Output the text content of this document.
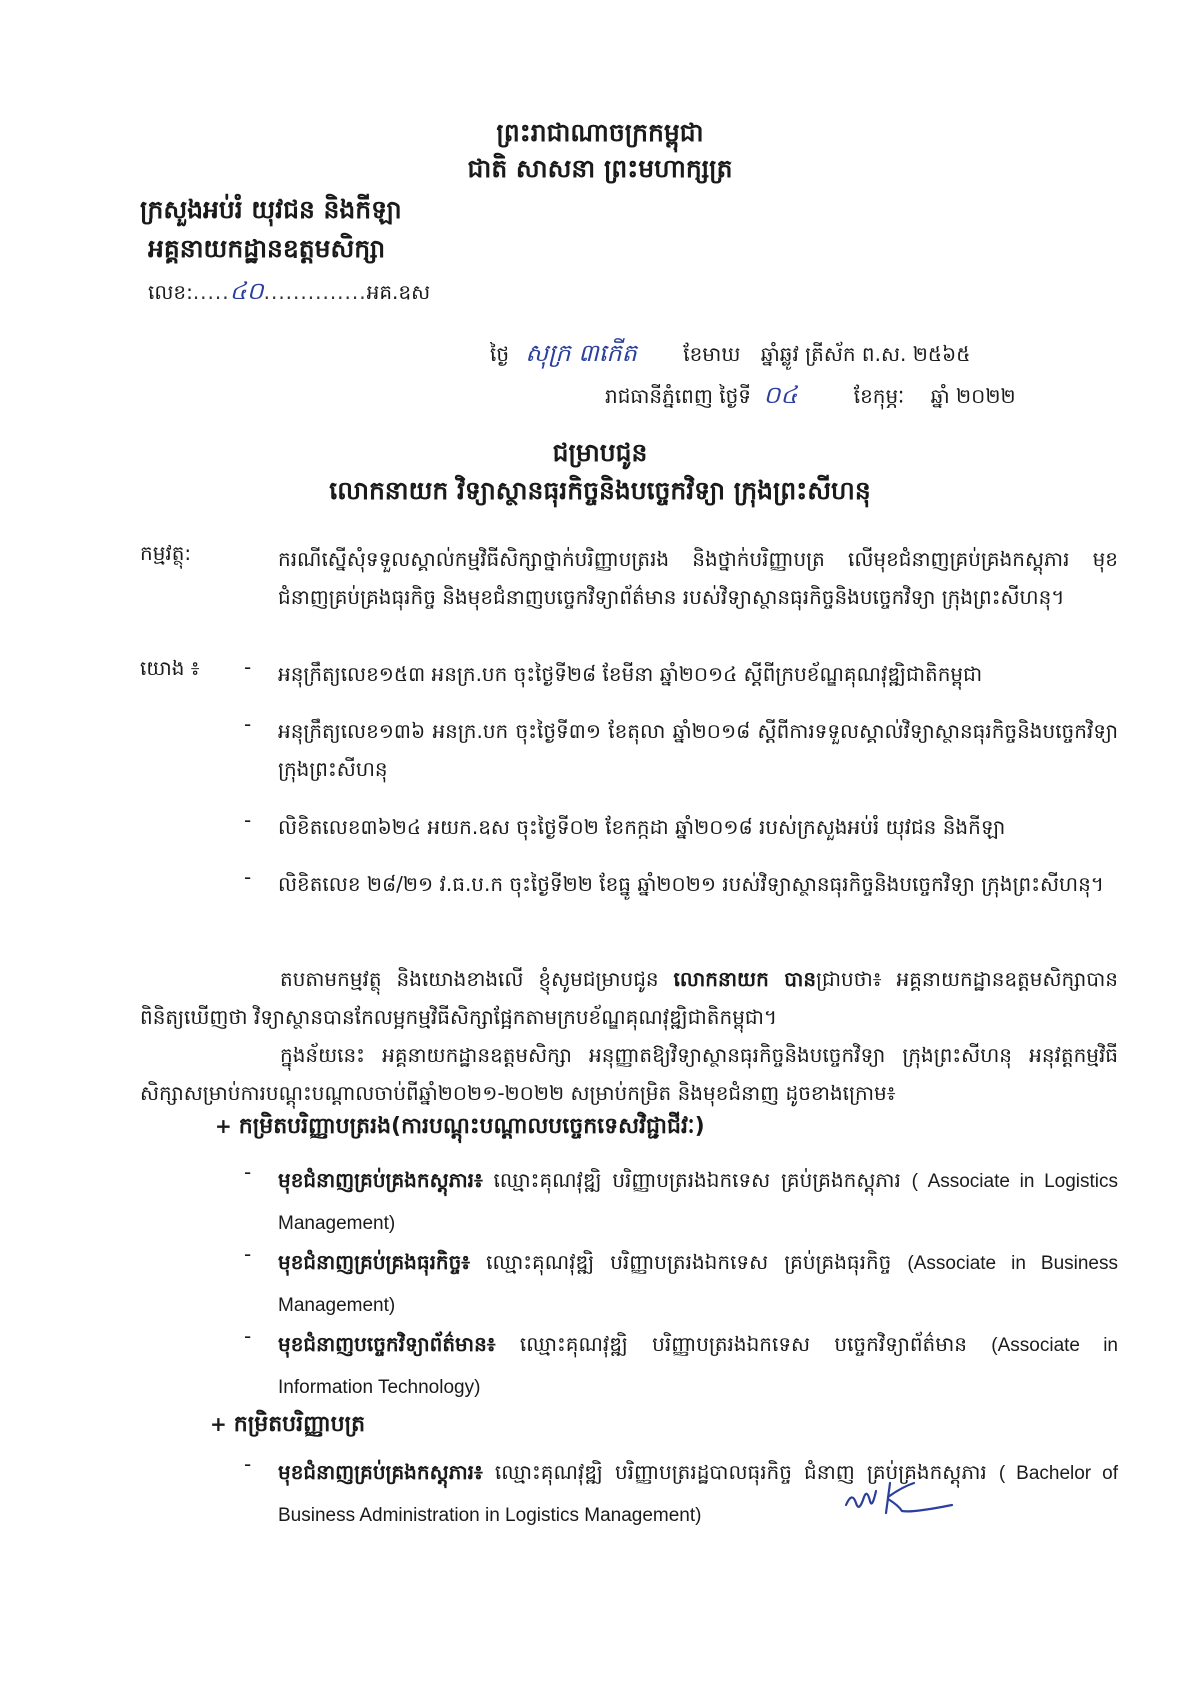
ព្រះរាជាណាចក្រកម្ពុជា
ជាតិ សាសនា ព្រះមហាក្សត្រ
ក្រសួងអប់រំ យុវជន និងកីឡា
អគ្គនាយកដ្ឋានឧត្តមសិក្សា
លេខ:.....៤០..............អគ.ឧស
ថ្ងៃ សុក្រ ៣កើត ខែមាឃ ឆ្នាំឆ្លូវ ត្រីស័ក ព.ស. ២៥៦៥
រាជធានីភ្នំពេញ ថ្ងៃទី ០៤	ខែកុម្ភៈ ឆ្នាំ ២០២២
ជម្រាបជូន
លោកនាយក វិទ្យាស្ថានធុរកិច្ចនិងបច្ចេកវិទ្យា ក្រុងព្រះសីហនុ
កម្មវត្ថុ:	ករណីស្នើសុំទទួលស្គាល់កម្មវិធីសិក្សាថ្នាក់បរិញ្ញាបត្ររង និងថ្នាក់បរិញ្ញាបត្រ លើមុខជំនាញគ្រប់គ្រងកស្តុភារ មុខជំនាញគ្រប់គ្រងធុរកិច្ច និងមុខជំនាញបច្ចេកវិទ្យាព័ត៌មាន របស់វិទ្យាស្ថានធុរកិច្ចនិងបច្ចេកវិទ្យា ក្រុងព្រះសីហនុ។
យោង ៖ - អនុក្រឹត្យលេខ១៥៣ អនក្រ.បក ចុះថ្ងៃទី២៨ ខែមីនា ឆ្នាំ២០១៤ ស្តីពីក្របខ័ណ្ឌគុណវុឌ្ឍិជាតិកម្ពុជា
- អនុក្រឹត្យលេខ១៣៦ អនក្រ.បក ចុះថ្ងៃទី៣១ ខែតុលា ឆ្នាំ២០១៨ ស្តីពីការទទួលស្គាល់វិទ្យាស្ថានធុរកិច្ចនិងបច្ចេកវិទ្យា ក្រុងព្រះសីហនុ
- លិខិតលេខ៣៦២៤ អយក.ឧស ចុះថ្ងៃទី០២ ខែកក្កដា ឆ្នាំ២០១៨ របស់ក្រសួងអប់រំ យុវជន និងកីឡា
- លិខិតលេខ ២៨/២១ វ.ធ.ប.ក ចុះថ្ងៃទី២២ ខែធ្នូ ឆ្នាំ២០២១ របស់វិទ្យាស្ថានធុរកិច្ចនិងបច្ចេកវិទ្យា ក្រុងព្រះសីហនុ។
តបតាមកម្មវត្ថុ និងយោងខាងលើ ខ្ញុំសូមជម្រាបជូន លោកនាយក បានជ្រាបថា៖ អគ្គនាយកដ្ឋានឧត្តមសិក្សាបានពិនិត្យឃើញថា វិទ្យាស្ថានបានកែលម្អកម្មវិធីសិក្សាផ្អែកតាមក្របខ័ណ្ឌគុណវុឌ្ឍិជាតិកម្ពុជា។
ក្នុងន័យនេះ អគ្គនាយកដ្ឋានឧត្តមសិក្សា អនុញ្ញាតឱ្យវិទ្យាស្ថានធុរកិច្ចនិងបច្ចេកវិទ្យា ក្រុងព្រះសីហនុ អនុវត្តកម្មវិធីសិក្សាសម្រាប់ការបណ្តុះបណ្តាលចាប់ពីឆ្នាំ២០២១-២០២២ សម្រាប់កម្រិត និងមុខជំនាញ ដូចខាងក្រោម៖
+ កម្រិតបរិញ្ញាបត្ររង(ការបណ្តុះបណ្តាលបច្ចេកទេសវិជ្ជាជីវៈ)
- មុខជំនាញគ្រប់គ្រងកស្តុភារ៖ ឈ្មោះគុណវុឌ្ឍិ បរិញ្ញាបត្ររងឯកទេស គ្រប់គ្រងកស្តុភារ ( Associate in Logistics Management)
- មុខជំនាញគ្រប់គ្រងធុរកិច្ច៖ ឈ្មោះគុណវុឌ្ឍិ បរិញ្ញាបត្ររងឯកទេស គ្រប់គ្រងធុរកិច្ច (Associate in Business Management)
- មុខជំនាញបច្ចេកវិទ្យាព័ត៌មាន៖ ឈ្មោះគុណវុឌ្ឍិ បរិញ្ញាបត្ររងឯកទេស បច្ចេកវិទ្យាព័ត៌មាន (Associate in Information Technology)
+ កម្រិតបរិញ្ញាបត្រ
- មុខជំនាញគ្រប់គ្រងកស្តុភារ៖ ឈ្មោះគុណវុឌ្ឍិ បរិញ្ញាបត្ររដ្ឋបាលធុរកិច្ច ជំនាញ គ្រប់គ្រងកស្តុភារ ( Bachelor of Business Administration in Logistics Management)
